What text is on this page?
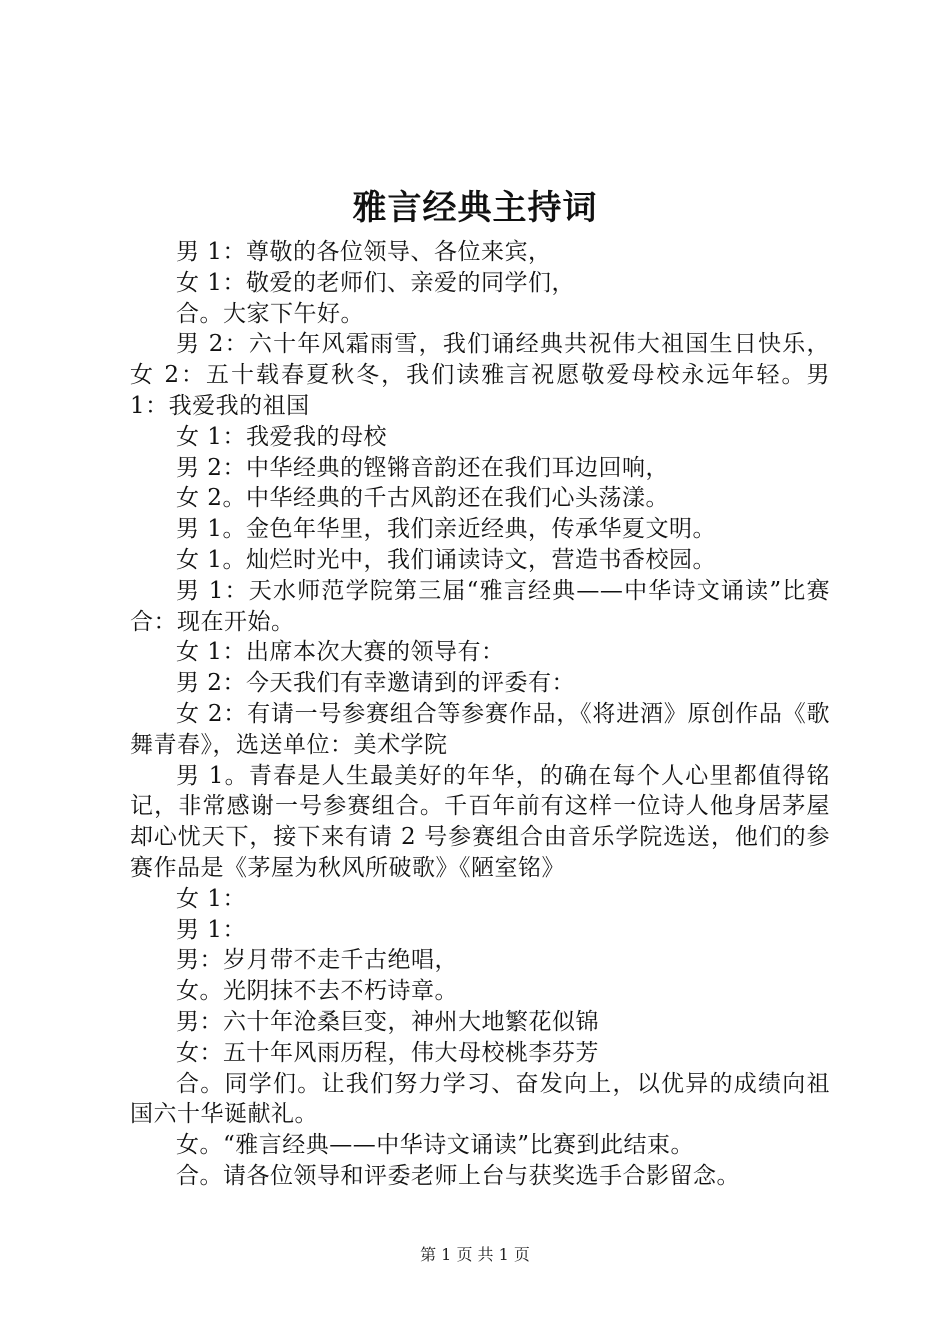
雅言经典主持词

男 1：尊敬的各位领导、各位来宾，

女 1：敬爱的老师们、亲爱的同学们，

合。大家下午好。

男 2：六十年风霜雨雪，我们诵经典共祝伟大祖国生日快乐，女 2：五十载春夏秋冬，我们读雅言祝愿敬爱母校永远年轻。男 1：我爱我的祖国

女 1：我爱我的母校

男 2：中华经典的铿锵音韵还在我们耳边回响，

女 2。中华经典的千古风韵还在我们心头荡漾。

男 1。金色年华里，我们亲近经典，传承华夏文明。

女 1。灿烂时光中，我们诵读诗文，营造书香校园。

男 1：天水师范学院第三届“雅言经典——中华诗文诵读”比赛合：现在开始。

女 1：出席本次大赛的领导有：

男 2：今天我们有幸邀请到的评委有：

女 2：有请一号参赛组合等参赛作品，《将进酒》原创作品《歌舞青春》，选送单位：美术学院

男 1。青春是人生最美好的年华，的确在每个人心里都值得铭记，非常感谢一号参赛组合。千百年前有这样一位诗人他身居茅屋却心忧天下，接下来有请 2 号参赛组合由音乐学院选送，他们的参赛作品是《茅屋为秋风所破歌》《陋室铭》

女 1：

男 1：

男：岁月带不走千古绝唱，

女。光阴抹不去不朽诗章。

男：六十年沧桑巨变，神州大地繁花似锦

女：五十年风雨历程，伟大母校桃李芬芳

合。同学们。让我们努力学习、奋发向上，以优异的成绩向祖国六十华诞献礼。

女。“雅言经典——中华诗文诵读”比赛到此结束。

合。请各位领导和评委老师上台与获奖选手合影留念。

第 1 页 共 1 页
